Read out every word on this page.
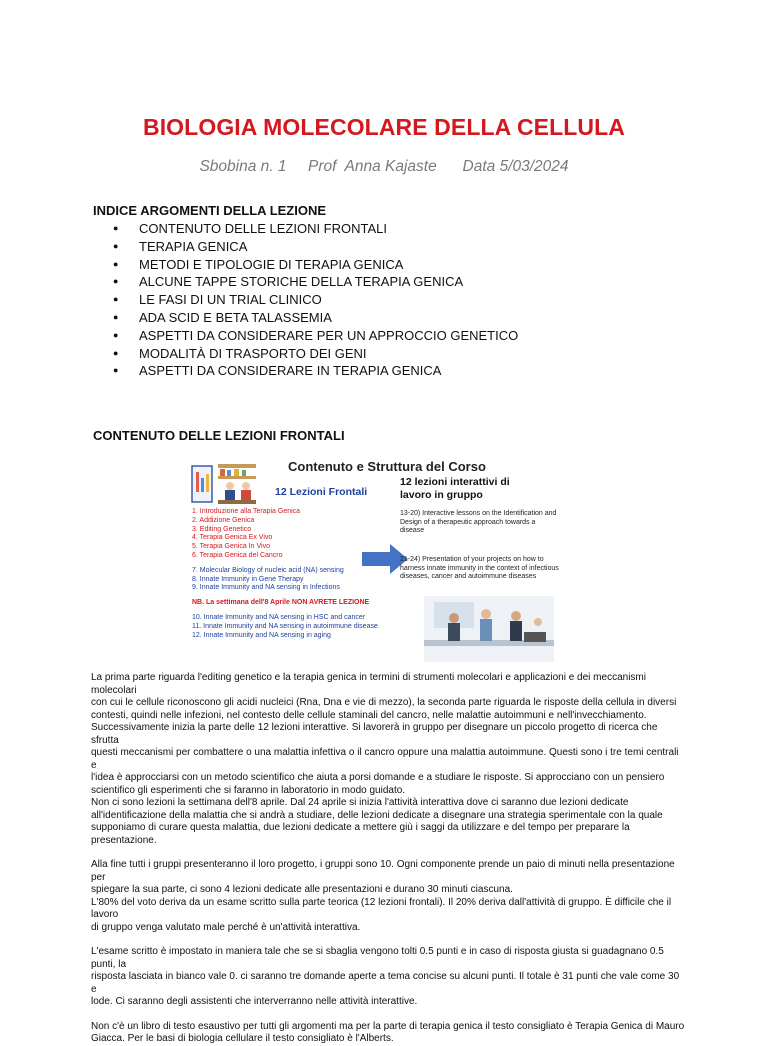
BIOLOGIA MOLECOLARE DELLA CELLULA
Sbobina n. 1     Prof  Anna Kajaste      Data 5/03/2024
INDICE ARGOMENTI DELLA LEZIONE
● CONTENUTO DELLE LEZIONI FRONTALI
● TERAPIA GENICA
● METODI E TIPOLOGIE DI TERAPIA GENICA
● ALCUNE TAPPE STORICHE DELLA TERAPIA GENICA
● LE FASI DI UN TRIAL CLINICO
● ADA SCID E BETA TALASSEMIA
● ASPETTI DA CONSIDERARE PER UN APPROCCIO GENETICO
● MODALITÀ DI TRASPORTO DEI GENI
● ASPETTI DA CONSIDERARE IN TERAPIA GENICA
CONTENUTO DELLE LEZIONI FRONTALI
Contenuto e Struttura del Corso
12 Lezioni Frontali
1. Introduzione alla Terapia Genica
2. Addizione Genica
3. Editing Genetico
4. Terapia Genica Ex Vivo
5. Terapia Genica In Vivo
6. Terapia Genica del Cancro
7. Molecular Biology of nucleic acid (NA) sensing
8. Innate Immunity in Gene Therapy
9. Innate Immunity and NA sensing in Infections
NB. La settimana dell'8 Aprile NON AVRETE LEZIONE
10. Innate Immunity and NA sensing in HSC and cancer
11. Innate Immunity and NA sensing in autoimmune disease
12. Innate Immunity and NA sensing in aging
12 lezioni interattivi di
lavoro in gruppo
13-20) Interactive lessons on the Identification and Design of a therapeutic approach towards a disease
21-24) Presentation of your projects on how to harness innate immunity in the context of infectious diseases, cancer and autoimmune diseases

La prima parte riguarda l'editing genetico e la terapia genica in termini di strumenti molecolari e applicazioni e dei meccanismi molecolari
con cui le cellule riconoscono gli acidi nucleici (Rna, Dna e vie di mezzo), la seconda parte riguarda le risposte della cellula in diversi
contesti, quindi nelle infezioni, nel contesto delle cellule staminali del cancro, nelle malattie autoimmuni e nell'invecchiamento.
Successivamente inizia la parte delle 12 lezioni interattive. Si lavorerà in gruppo per disegnare un piccolo progetto di ricerca che sfrutta
questi meccanismi per combattere o una malattia infettiva o il cancro oppure una malattia autoimmune. Questi sono i tre temi centrali e
l'idea è approcciarsi con un metodo scientifico che aiuta a porsi domande e a studiare le risposte. Si approcciano con un pensiero
scientifico gli esperimenti che si faranno in laboratorio in modo guidato.
Non ci sono lezioni la settimana dell'8 aprile. Dal 24 aprile si inizia l'attività interattiva dove ci saranno due lezioni dedicate
all'identificazione della malattia che si andrà a studiare, delle lezioni dedicate a disegnare una strategia sperimentale con la quale
supponiamo di curare questa malattia, due lezioni dedicate a mettere giù i saggi da utilizzare e del tempo per preparare la presentazione.

Alla fine tutti i gruppi presenteranno il loro progetto, i gruppi sono 10. Ogni componente prende un paio di minuti nella presentazione per
spiegare la sua parte, ci sono 4 lezioni dedicate alle presentazioni e durano 30 minuti ciascuna.
L'80% del voto deriva da un esame scritto sulla parte teorica (12 lezioni frontali). Il 20% deriva dall'attività di gruppo. È difficile che il lavoro
di gruppo venga valutato male perché è un'attività interattiva.

L'esame scritto è impostato in maniera tale che se si sbaglia vengono tolti 0.5 punti e in caso di risposta giusta si guadagnano 0.5 punti, la
risposta lasciata in bianco vale 0. ci saranno tre domande aperte a tema concise su alcuni punti. Il totale è 31 punti che vale come 30 e
lode. Ci saranno degli assistenti che interverranno nelle attività interattive.

Non c'è un libro di testo esaustivo per tutti gli argomenti ma per la parte di terapia genica il testo consigliato è Terapia Genica di Mauro
Giacca. Per le basi di biologia cellulare il testo consigliato è l'Alberts.
